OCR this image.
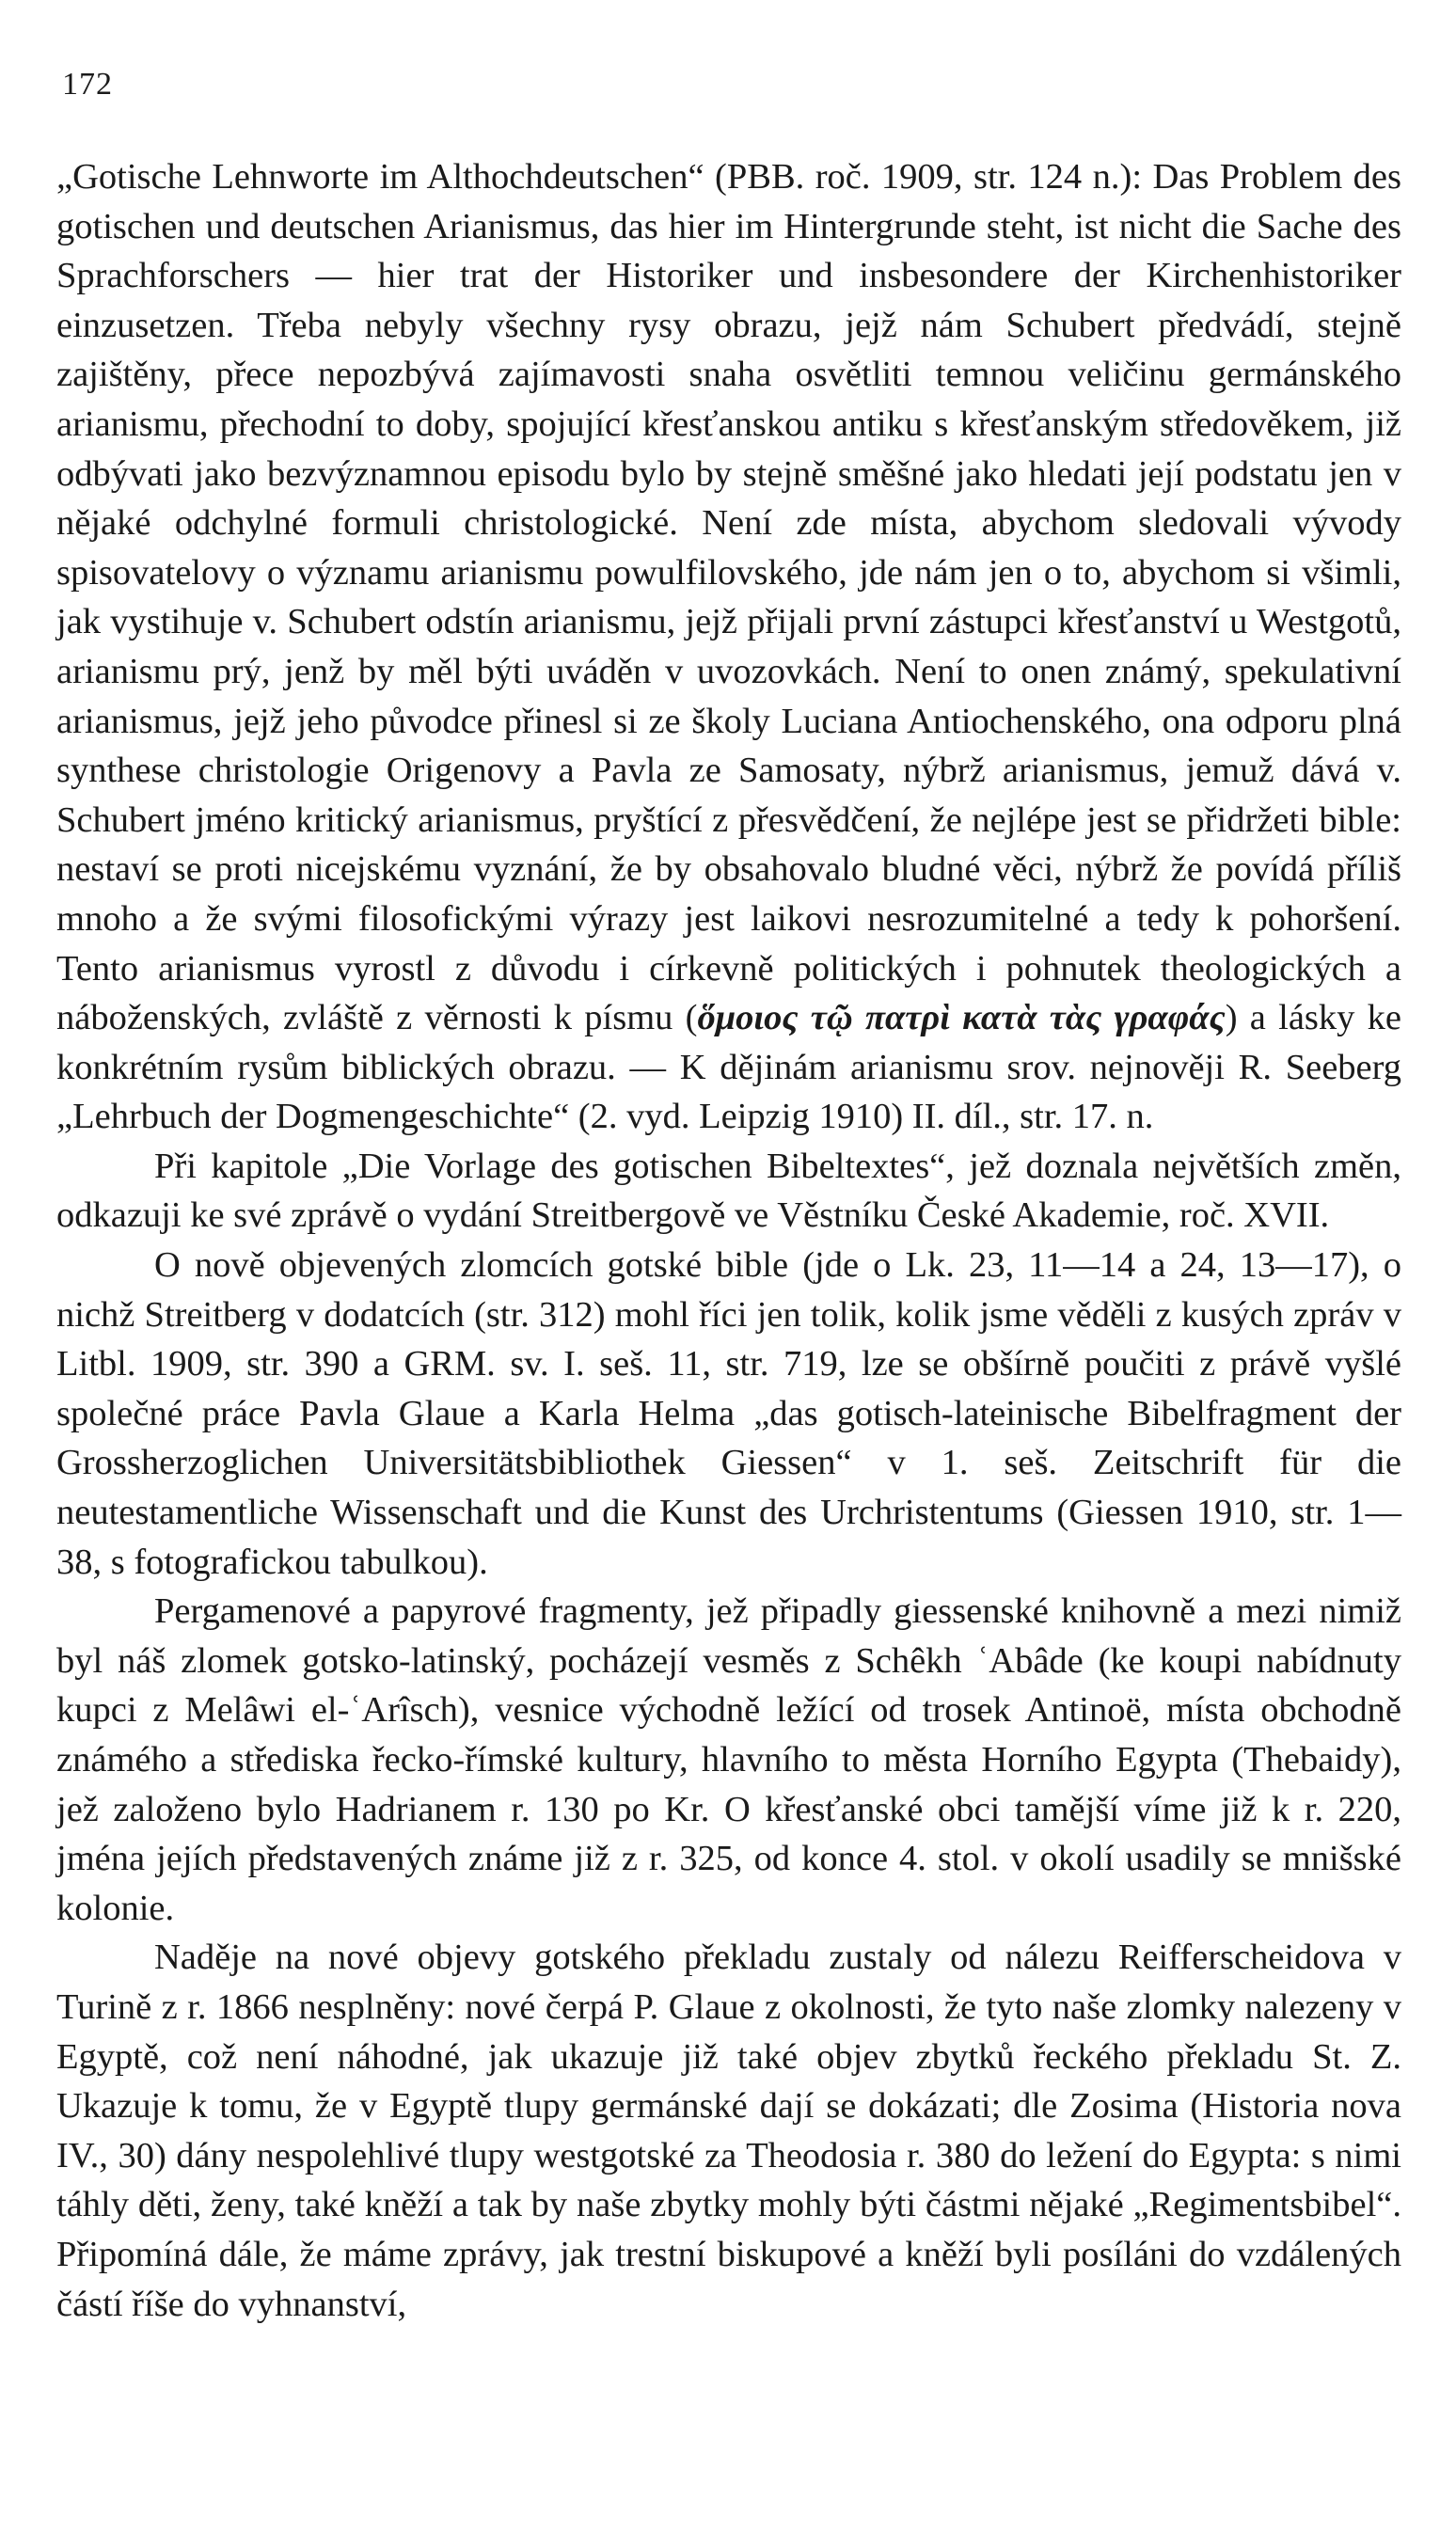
172

„Gotische Lehnworte im Althochdeutschen“ (PBB. roč. 1909, str. 124 n.): Das Problem des gotischen und deutschen Arianismus, das hier im Hintergrunde steht, ist nicht die Sache des Sprachforschers — hier trat der Historiker und insbesondere der Kirchenhistoriker einzusetzen. Třeba nebyly všechny rysy obrazu, jejž nám Schubert předvádí, stejně zajištěny, přece nepozbývá zajímavosti snaha osvětliti temnou veličinu germánského arianismu, přechodní to doby, spojující křesťanskou antiku s křesťanským středověkem, již odbývati jako bezvýznamnou episodu bylo by stejně směšné jako hledati její podstatu jen v nějaké odchylné formuli christologické. Není zde místa, abychom sledovali vývody spisovatelovy o významu arianismu powulfilovského, jde nám jen o to, abychom si všimli, jak vystihuje v. Schubert odstín arianismu, jejž přijali první zástupci křesťanství u Westgotů, arianismu prý, jenž by měl býti uváděn v uvozovkách. Není to onen známý, spekulativní arianismus, jejž jeho původce přinesl si ze školy Luciana Antiochenského, ona odporu plná synthese christologie Origenovy a Pavla ze Samosaty, nýbrž arianismus, jemuž dává v. Schubert jméno kritický arianismus, pryštící z přesvědčení, že nejlépe jest se přidržeti bible: nestaví se proti nicejskému vyznání, že by obsahovalo bludné věci, nýbrž že povídá příliš mnoho a že svými filosofickými výrazy jest laikovi nesrozumitelné a tedy k pohoršení. Tento arianismus vyrostl z důvodu i církevně politických i pohnutek theologických a náboženských, zvláště z věrnosti k písmu (ὅμοιος τῷ πατρὶ κατὰ τὰς γραφάς) a lásky ke konkrétním rysům biblických obrazu. — K dějinám arianismu srov. nejnověji R. Seeberg „Lehrbuch der Dogmengeschichte“ (2. vyd. Leipzig 1910) II. díl., str. 17. n.

Při kapitole „Die Vorlage des gotischen Bibeltextes“, jež doznala největších změn, odkazuji ke své zprávě o vydání Streitbergově ve Věstníku České Akademie, roč. XVII.

O nově objevených zlomcích gotské bible (jde o Lk. 23, 11—14 a 24, 13—17), o nichž Streitberg v dodatcích (str. 312) mohl říci jen tolik, kolik jsme věděli z kusých zpráv v Litbl. 1909, str. 390 a GRM. sv. I. seš. 11, str. 719, lze se obšírně poučiti z právě vyšlé společné práce Pavla Glaue a Karla Helma „das gotisch-lateinische Bibelfragment der Grossherzoglichen Universitätsbibliothek Giessen“ v 1. seš. Zeitschrift für die neutestamentliche Wissenschaft und die Kunst des Urchristentums (Giessen 1910, str. 1—38, s fotografickou tabulkou).

Pergamenové a papyrové fragmenty, jež připadly giessenské knihovně a mezi nimiž byl náš zlomek gotsko-latinský, pocházejí vesměs z Schêkh ʿAbâde (ke koupi nabídnuty kupci z Melâwi el-ʿArîsch), vesnice východně ležící od trosek Antinoë, místa obchodně známého a střediska řecko-římské kultury, hlavního to města Horního Egypta (Thebaidy), jež založeno bylo Hadrianem r. 130 po Kr. O křesťanské obci tamější víme již k r. 220, jména jejích představených známe již z r. 325, od konce 4. stol. v okolí usadily se mnišské kolonie.

Naděje na nové objevy gotského překladu zustaly od nálezu Reifferscheidova v Turině z r. 1866 nesplněny: nové čerpá P. Glaue z okolnosti, že tyto naše zlomky nalezeny v Egyptě, což není náhodné, jak ukazuje již také objev zbytků řeckého překladu St. Z. Ukazuje k tomu, že v Egyptě tlupy germánské dají se dokázati; dle Zosima (Historia nova IV., 30) dány nespolehlivé tlupy westgotské za Theodosia r. 380 do ležení do Egypta: s nimi táhly děti, ženy, také kněží a tak by naše zbytky mohly býti částmi nějaké „Regimentsbibel“. Připomíná dále, že máme zprávy, jak trestní biskupové a kněží byli posíláni do vzdálených částí říše do vyhnanství,
